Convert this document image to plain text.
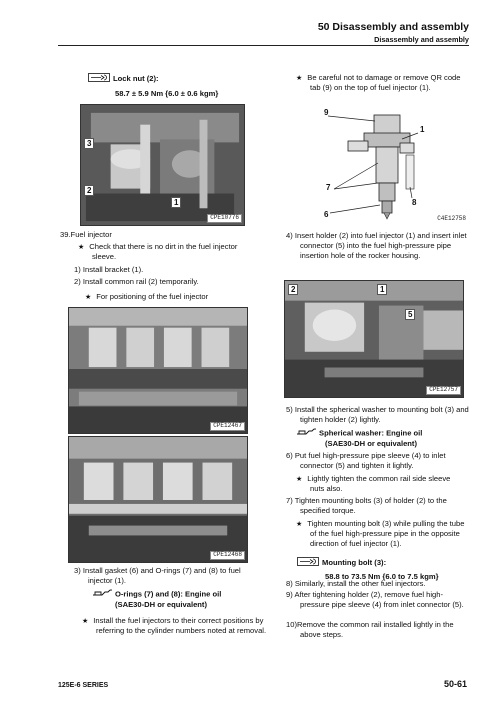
50 Disassembly and assembly
Disassembly and assembly
Lock nut (2):
58.7 ± 5.9 Nm {6.0 ± 0.6 kgm}
3
2
1
CPE10776
39.Fuel injector
★ Check that there is no dirt in the fuel injector sleeve.
1) Install bracket (1).
2) Install common rail (2) temporarily.
★ For positioning of the fuel injector
CPE12467
CPE12468
3) Install gasket (6) and O-rings (7) and (8) to fuel injector (1).
O-rings (7) and (8): Engine oil
(SAE30-DH or equivalent)
★ Install the fuel injectors to their correct positions by referring to the cylinder numbers noted at removal.
★ Be careful not to damage or remove QR code tab (9) on the top of fuel injector (1).
9
1
7
8
6	C4E12758
4) Insert holder (2) into fuel injector (1) and insert inlet connector (5) into the fuel high-pressure pipe insertion hole of the rocker housing.
2	1
5
CPE12757
5) Install the spherical washer to mounting bolt (3) and tighten holder (2) lightly.
Spherical washer: Engine oil
(SAE30-DH or equivalent)
6) Put fuel high-pressure pipe sleeve (4) to inlet connector (5) and tighten it lightly.
★ Lightly tighten the common rail side sleeve nuts also.
7) Tighten mounting bolts (3) of holder (2) to the specified torque.
★ Tighten mounting bolt (3) while pulling the tube of the fuel high-pressure pipe in the opposite direction of fuel injector (1).
Mounting bolt (3):
58.8 to 73.5 Nm {6.0 to 7.5 kgm}
8) Similarly, install the other fuel injectors.
9) After tightening holder (2), remove fuel high-pressure pipe sleeve (4) from inlet connector (5).
10)Remove the common rail installed lightly in the above steps.
125E-6 SERIES	50-61
